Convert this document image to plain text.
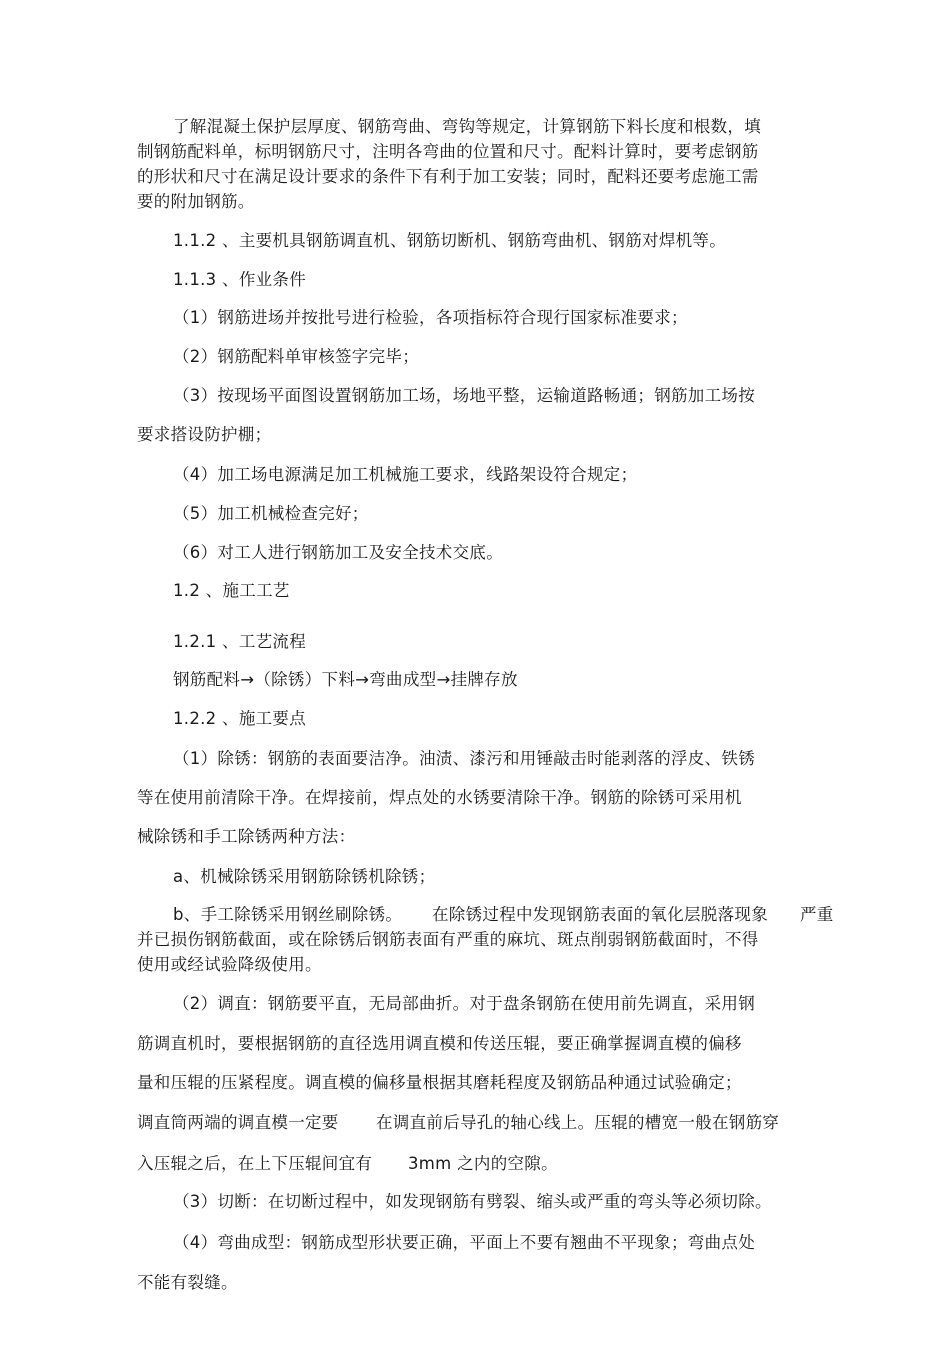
了解混凝土保护层厚度、钢筋弯曲、弯钩等规定，计算钢筋下料长度和根数，填
制钢筋配料单，标明钢筋尺寸，注明各弯曲的位置和尺寸。配料计算时，要考虑钢筋
的形状和尺寸在满足设计要求的条件下有利于加工安装；同时，配料还要考虑施工需
要的附加钢筋。
1.1.2 、主要机具钢筋调直机、钢筋切断机、钢筋弯曲机、钢筋对焊机等。
1.1.3 、作业条件
（1）钢筋进场并按批号进行检验，各项指标符合现行国家标准要求；
（2）钢筋配料单审核签字完毕；
（3）按现场平面图设置钢筋加工场，场地平整，运输道路畅通；钢筋加工场按
要求搭设防护棚；
（4）加工场电源满足加工机械施工要求，线路架设符合规定；
（5）加工机械检查完好；
（6）对工人进行钢筋加工及安全技术交底。
1.2 、施工工艺
1.2.1 、工艺流程
钢筋配料→（除锈）下料→弯曲成型→挂牌存放
1.2.2 、施工要点
（1）除锈：钢筋的表面要洁净。油渍、漆污和用锤敲击时能剥落的浮皮、铁锈
等在使用前清除干净。在焊接前，焊点处的水锈要清除干净。钢筋的除锈可采用机
械除锈和手工除锈两种方法：
a、机械除锈采用钢筋除锈机除锈；
b、手工除锈采用钢丝刷除锈。 在除锈过程中发现钢筋表面的氧化层脱落现象 严重
并已损伤钢筋截面，或在除锈后钢筋表面有严重的麻坑、斑点削弱钢筋截面时，不得
使用或经试验降级使用。
（2）调直：钢筋要平直，无局部曲折。对于盘条钢筋在使用前先调直，采用钢
筋调直机时，要根据钢筋的直径选用调直模和传送压辊，要正确掌握调直模的偏移
量和压辊的压紧程度。调直模的偏移量根据其磨耗程度及钢筋品种通过试验确定；
调直筒两端的调直模一定要 在调直前后导孔的轴心线上。压辊的槽宽一般在钢筋穿
入压辊之后，在上下压辊间宜有 3mm 之内的空隙。
（3）切断：在切断过程中，如发现钢筋有劈裂、缩头或严重的弯头等必须切除。
（4）弯曲成型：钢筋成型形状要正确，平面上不要有翘曲不平现象；弯曲点处
不能有裂缝。
